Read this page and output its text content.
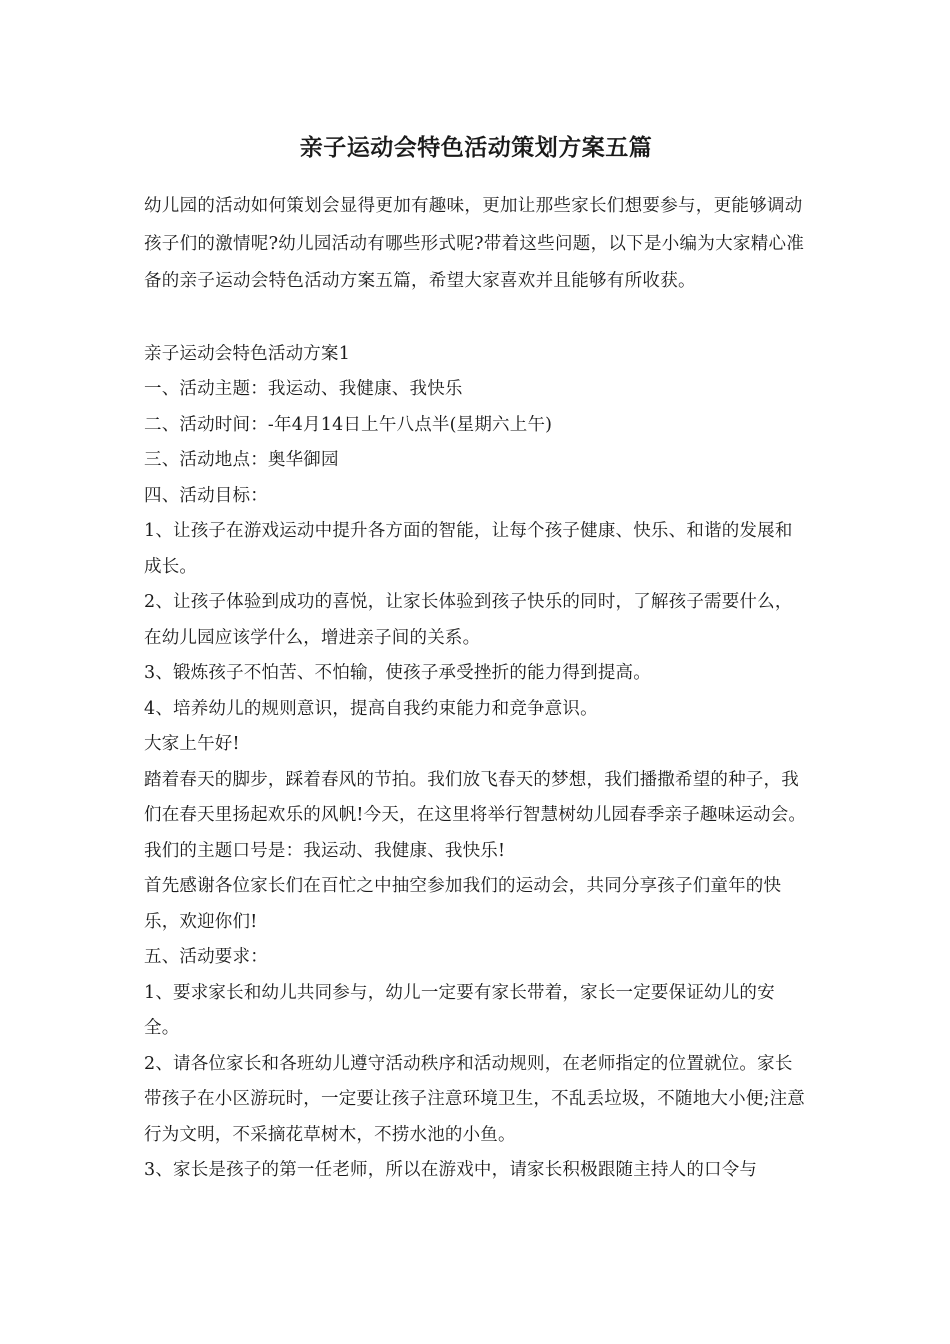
亲子运动会特色活动策划方案五篇

幼儿园的活动如何策划会显得更加有趣味，更加让那些家长们想要参与，更能够调动孩子们的激情呢?幼儿园活动有哪些形式呢?带着这些问题，以下是小编为大家精心准备的亲子运动会特色活动方案五篇，希望大家喜欢并且能够有所收获。

亲子运动会特色活动方案1

一、活动主题：我运动、我健康、我快乐

二、活动时间：-年4月14日上午八点半(星期六上午)

三、活动地点：奥华御园

四、活动目标：

1、让孩子在游戏运动中提升各方面的智能，让每个孩子健康、快乐、和谐的发展和成长。

2、让孩子体验到成功的喜悦，让家长体验到孩子快乐的同时，了解孩子需要什么，在幼儿园应该学什么，增进亲子间的关系。

3、锻炼孩子不怕苦、不怕输，使孩子承受挫折的能力得到提高。

4、培养幼儿的规则意识，提高自我约束能力和竞争意识。

大家上午好!

踏着春天的脚步，踩着春风的节拍。我们放飞春天的梦想，我们播撒希望的种子，我们在春天里扬起欢乐的风帆!今天，在这里将举行智慧树幼儿园春季亲子趣味运动会。我们的主题口号是：我运动、我健康、我快乐!

首先感谢各位家长们在百忙之中抽空参加我们的运动会，共同分享孩子们童年的快乐，欢迎你们!

五、活动要求：

1、要求家长和幼儿共同参与，幼儿一定要有家长带着，家长一定要保证幼儿的安全。

2、请各位家长和各班幼儿遵守活动秩序和活动规则，在老师指定的位置就位。家长带孩子在小区游玩时，一定要让孩子注意环境卫生，不乱丢垃圾，不随地大小便;注意行为文明，不采摘花草树木，不捞水池的小鱼。

3、家长是孩子的第一任老师，所以在游戏中，请家长积极跟随主持人的口令与
